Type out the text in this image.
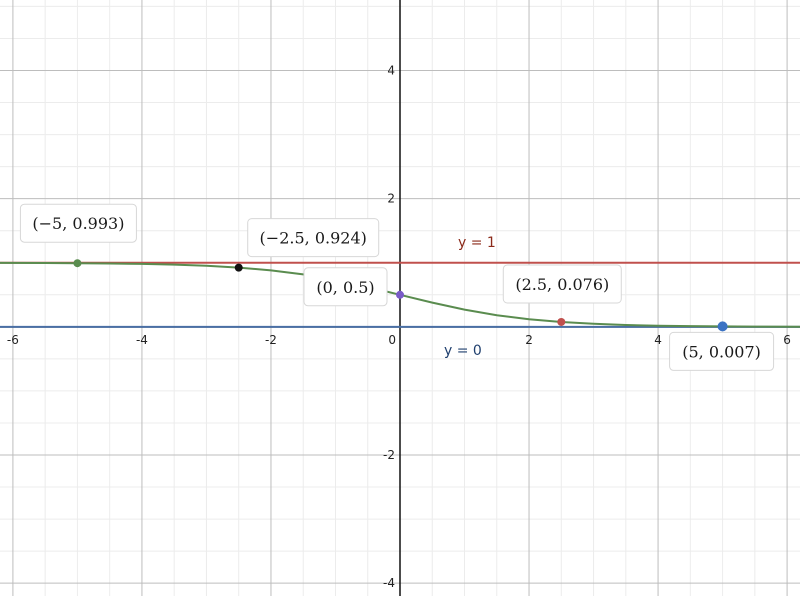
-6	-4	-2	0	2	4	6
4
2
-2
-4
y = 1
y = 0
(−5, 0.993)
(−2.5, 0.924)
(0, 0.5)	(2.5, 0.076)
(5, 0.007)
